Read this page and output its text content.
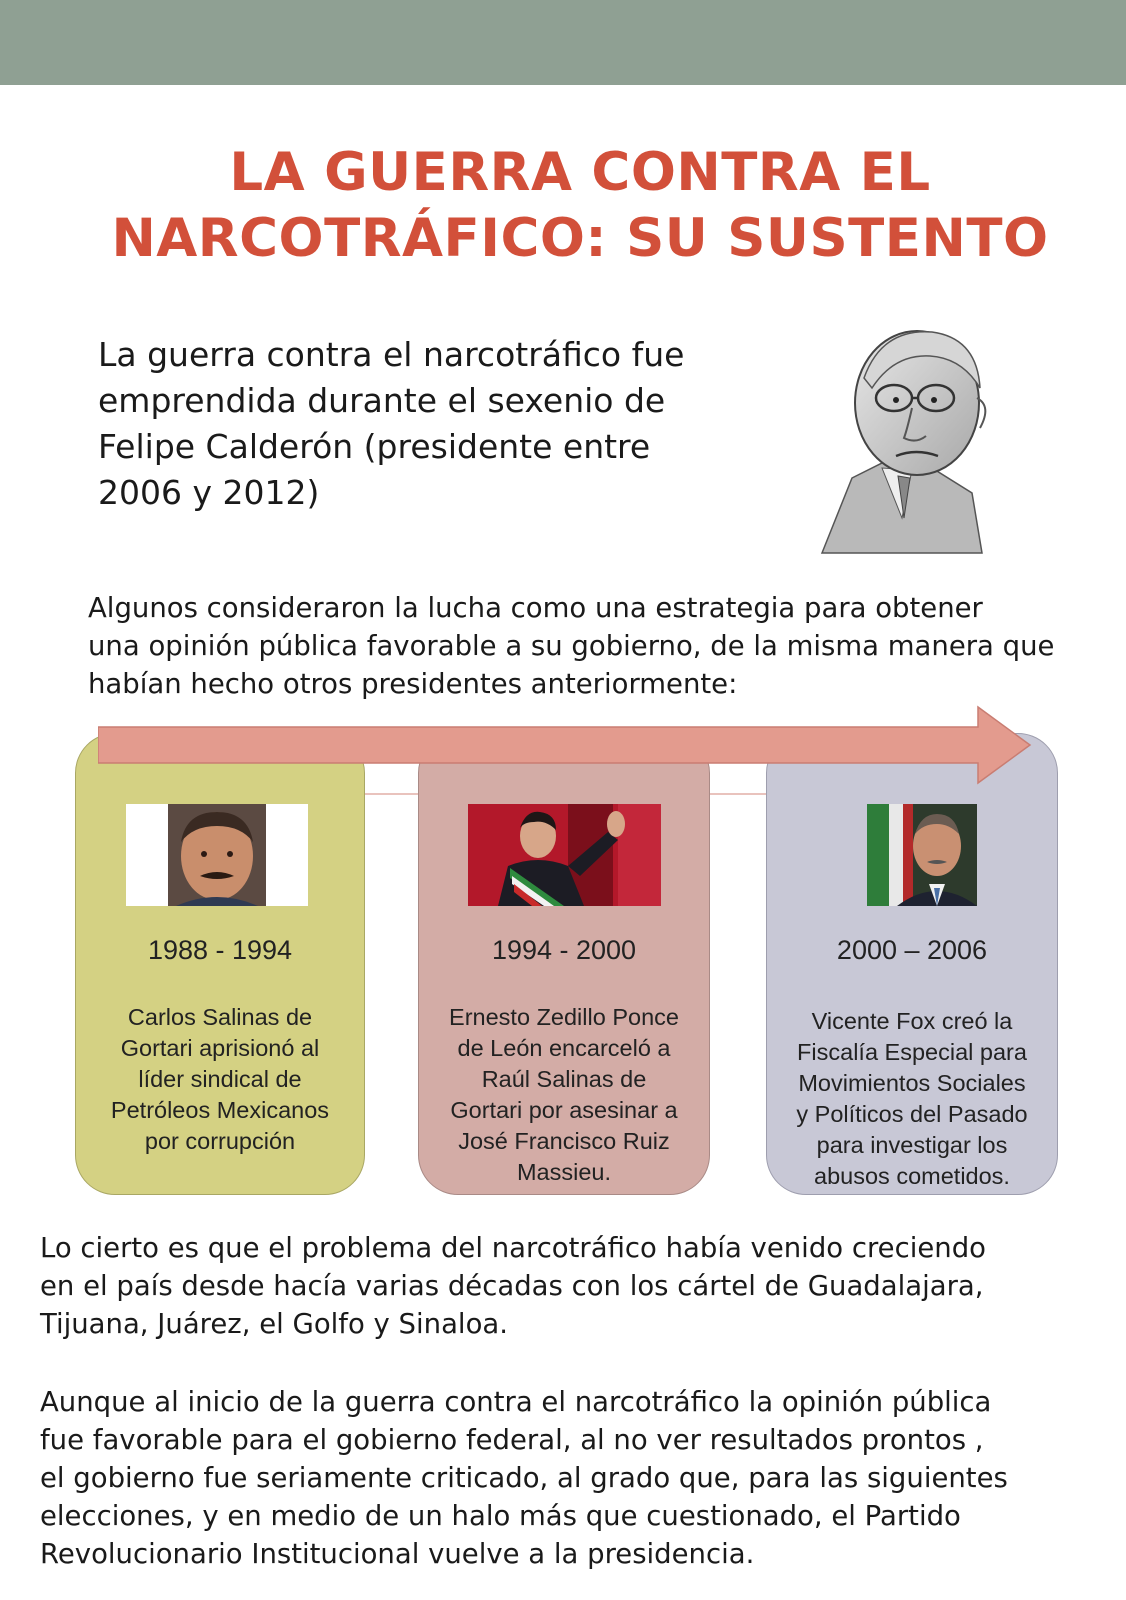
LA GUERRA CONTRA EL
NARCOTRÁFICO: SU SUSTENTO
La guerra contra el narcotráfico fue
emprendida durante el sexenio de
Felipe Calderón (presidente entre
2006 y 2012)
Algunos consideraron la lucha como una estrategia para obtener
una opinión pública favorable a su gobierno, de la misma manera que
habían hecho otros presidentes anteriormente:
1988 - 1994
Carlos Salinas de
Gortari aprisionó al
líder sindical de
Petróleos Mexicanos
por corrupción
1994 - 2000
Ernesto Zedillo Ponce
de León encarceló a
Raúl Salinas de
Gortari por asesinar a
José Francisco Ruiz
Massieu.
2000 – 2006
Vicente Fox creó la
Fiscalía Especial para
Movimientos Sociales
y Políticos del Pasado
para investigar los
abusos cometidos.
Lo cierto es que el problema del narcotráfico había venido creciendo
en el país desde hacía varias décadas con los cártel de Guadalajara,
Tijuana, Juárez, el Golfo y Sinaloa.
Aunque al inicio de la guerra contra el narcotráfico la opinión pública
fue favorable para el gobierno federal, al no ver resultados prontos ,
el gobierno fue seriamente criticado, al grado que, para las siguientes
elecciones, y en medio de un halo más que cuestionado, el Partido
Revolucionario Institucional vuelve a la presidencia.
